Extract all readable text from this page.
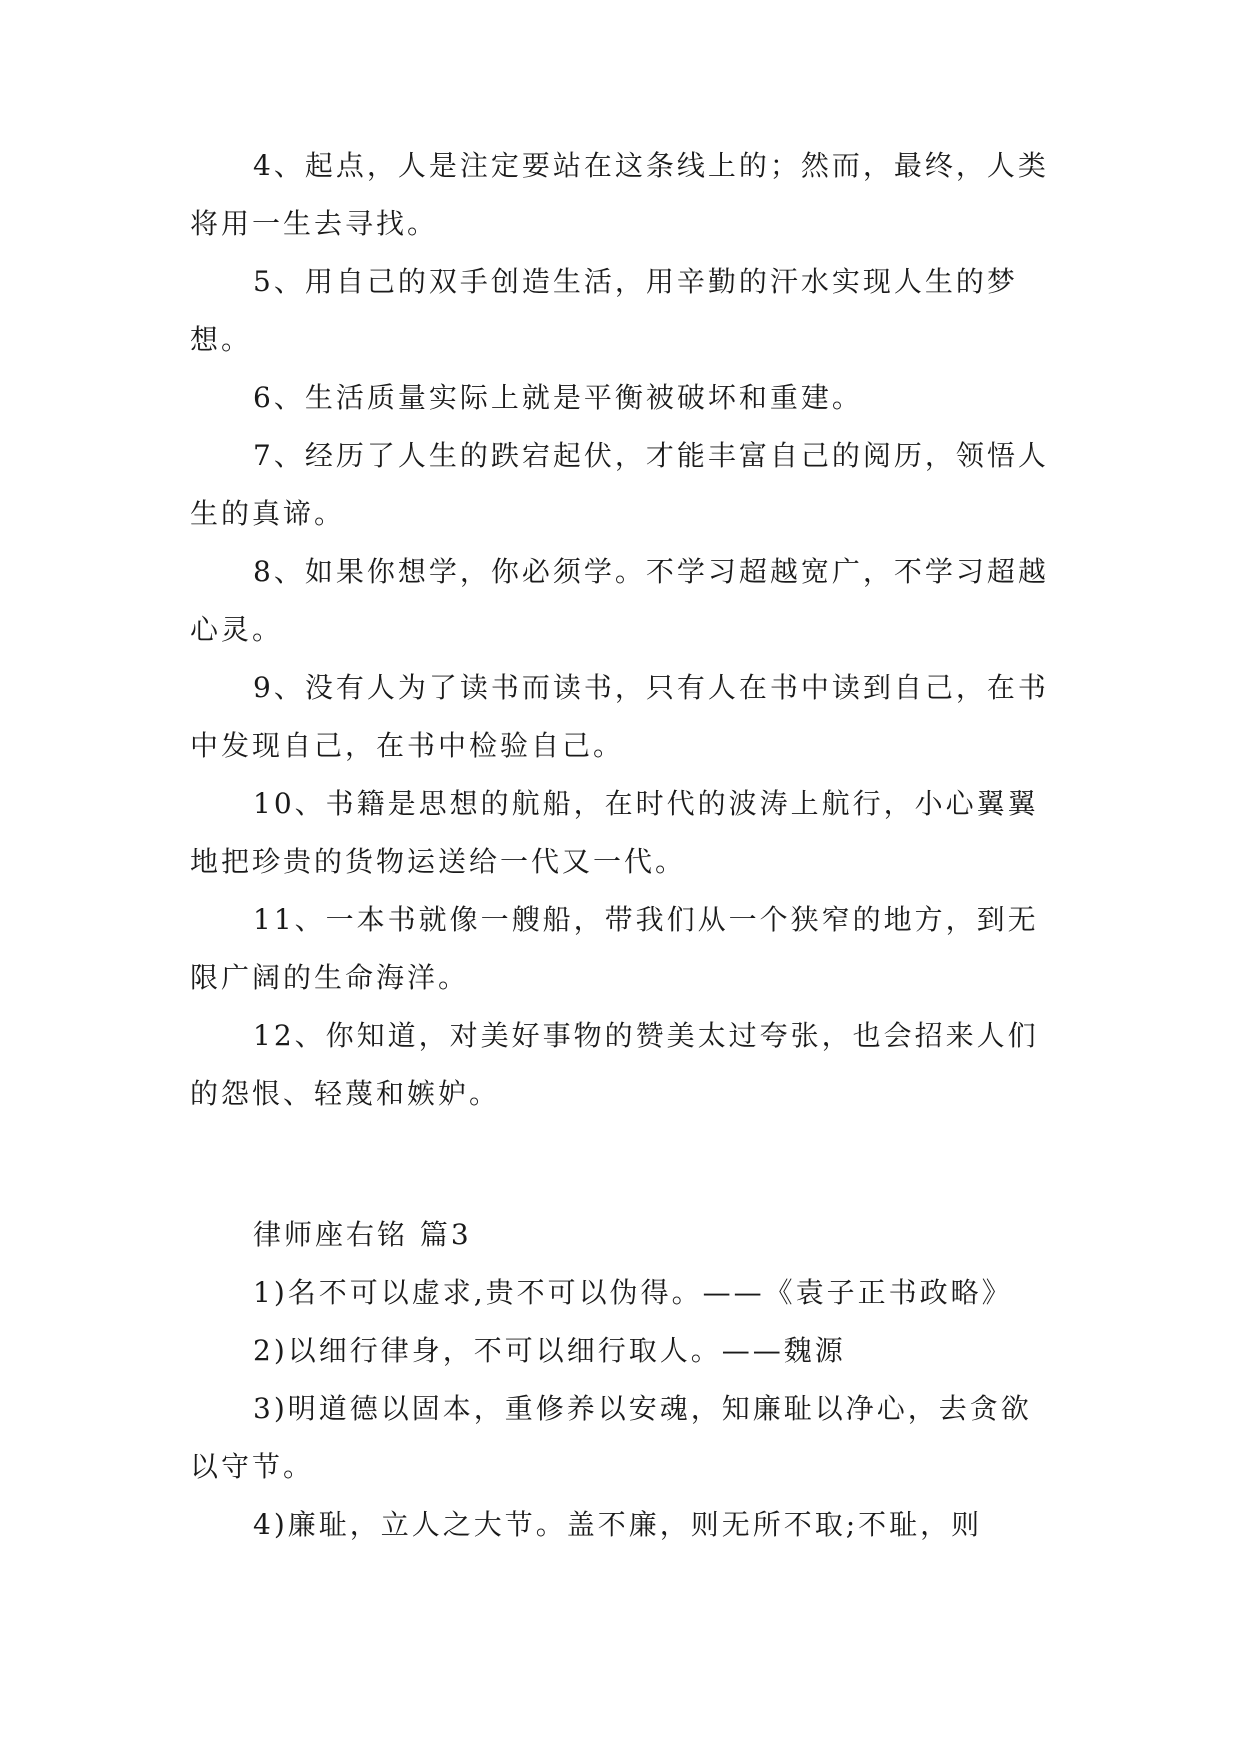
4、起点，人是注定要站在这条线上的；然而，最终，人类将用一生去寻找。

5、用自己的双手创造生活，用辛勤的汗水实现人生的梦想。

6、生活质量实际上就是平衡被破坏和重建。

7、经历了人生的跌宕起伏，才能丰富自己的阅历，领悟人生的真谛。

8、如果你想学，你必须学。不学习超越宽广，不学习超越心灵。

9、没有人为了读书而读书，只有人在书中读到自己，在书中发现自己，在书中检验自己。

10、书籍是思想的航船，在时代的波涛上航行，小心翼翼地把珍贵的货物运送给一代又一代。

11、一本书就像一艘船，带我们从一个狭窄的地方，到无限广阔的生命海洋。

12、你知道，对美好事物的赞美太过夸张，也会招来人们的怨恨、轻蔑和嫉妒。

律师座右铭 篇3

1)名不可以虚求,贵不可以伪得。——《袁子正书政略》

2)以细行律身，不可以细行取人。——魏源

3)明道德以固本，重修养以安魂，知廉耻以净心，去贪欲以守节。

4)廉耻，立人之大节。盖不廉，则无所不取;不耻，则
